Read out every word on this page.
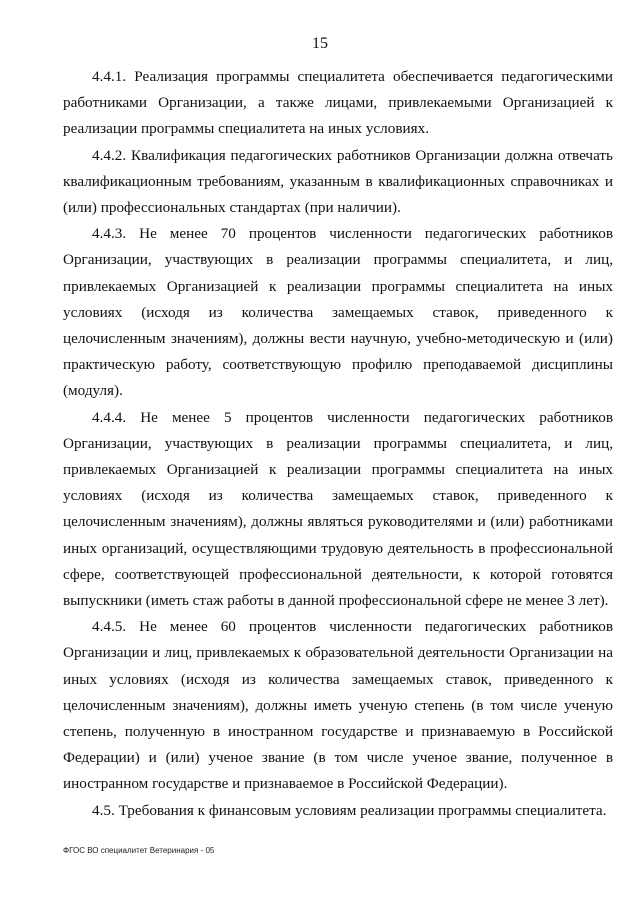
15

4.4.1. Реализация программы специалитета обеспечивается педагогическими работниками Организации, а также лицами, привлекаемыми Организацией к реализации программы специалитета на иных условиях.

4.4.2. Квалификация педагогических работников Организации должна отвечать квалификационным требованиям, указанным в квалификационных справочниках и (или) профессиональных стандартах (при наличии).

4.4.3. Не менее 70 процентов численности педагогических работников Организации, участвующих в реализации программы специалитета, и лиц, привлекаемых Организацией к реализации программы специалитета на иных условиях (исходя из количества замещаемых ставок, приведенного к целочисленным значениям), должны вести научную, учебно-методическую и (или) практическую работу, соответствующую профилю преподаваемой дисциплины (модуля).

4.4.4. Не менее 5 процентов численности педагогических работников Организации, участвующих в реализации программы специалитета, и лиц, привлекаемых Организацией к реализации программы специалитета на иных условиях (исходя из количества замещаемых ставок, приведенного к целочисленным значениям), должны являться руководителями и (или) работниками иных организаций, осуществляющими трудовую деятельность в профессиональной сфере, соответствующей профессиональной деятельности, к которой готовятся выпускники (иметь стаж работы в данной профессиональной сфере не менее 3 лет).

4.4.5. Не менее 60 процентов численности педагогических работников Организации и лиц, привлекаемых к образовательной деятельности Организации на иных условиях (исходя из количества замещаемых ставок, приведенного к целочисленным значениям), должны иметь ученую степень (в том числе ученую степень, полученную в иностранном государстве и признаваемую в Российской Федерации) и (или) ученое звание (в том числе ученое звание, полученное в иностранном государстве и признаваемое в Российской Федерации).

4.5. Требования к финансовым условиям реализации программы специалитета.

ФГОС ВО специалитет Ветеринария - 05
